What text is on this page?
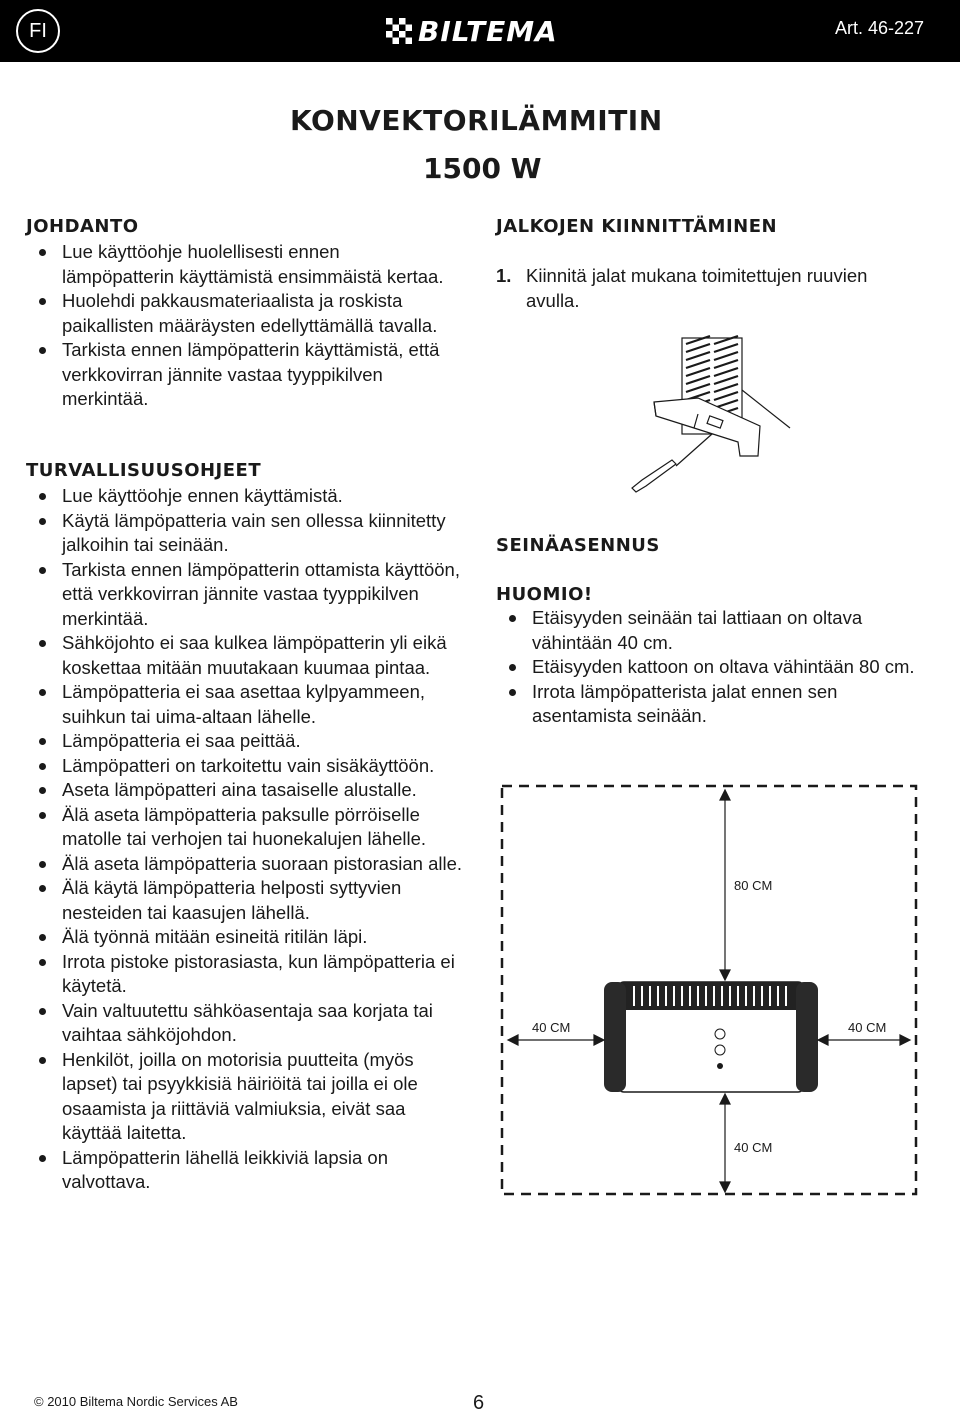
FI	BILTEMA	Art. 46-227
KONVEKTORILÄMMITIN
1500 W
JOHDANTO
Lue käyttöohje huolellisesti ennen lämpöpatterin käyttämistä ensimmäistä kertaa.
Huolehdi pakkausmateriaalista ja roskista paikallisten määräysten edellyttämällä tavalla.
Tarkista ennen lämpöpatterin käyttämistä, että verkkovirran jännite vastaa tyyppikilven merkintää.
TURVALLISUUSOHJEET
Lue käyttöohje ennen käyttämistä.
Käytä lämpöpatteria vain sen ollessa kiinnitetty jalkoihin tai seinään.
Tarkista ennen lämpöpatterin ottamista käyttöön, että verkkovirran jännite vastaa tyyppikilven merkintää.
Sähköjohto ei saa kulkea lämpöpatterin yli eikä koskettaa mitään muutakaan kuumaa pintaa.
Lämpöpatteria ei saa asettaa kylpyammeen, suihkun tai uima-altaan lähelle.
Lämpöpatteria ei saa peittää.
Lämpöpatteri on tarkoitettu vain sisäkäyttöön.
Aseta lämpöpatteri aina tasaiselle alustalle.
Älä aseta lämpöpatteria paksulle pörröiselle matolle tai verhojen tai huonekalujen lähelle.
Älä aseta lämpöpatteria suoraan pistorasian alle.
Älä käytä lämpöpatteria helposti syttyvien nesteiden tai kaasujen lähellä.
Älä työnnä mitään esineitä ritilän läpi.
Irrota pistoke pistorasiasta, kun lämpöpatteria ei käytetä.
Vain valtuutettu sähköasentaja saa korjata tai vaihtaa sähköjohdon.
Henkilöt, joilla on motorisia puutteita (myös lapset) tai psyykkisiä häiriöitä tai joilla ei ole osaamista ja riittäviä valmiuksia, eivät saa käyttää laitetta.
Lämpöpatterin lähellä leikkiviä lapsia on valvottava.
JALKOJEN KIINNITTÄMINEN
1. Kiinnitä jalat mukana toimitettujen ruuvien avulla.
SEINÄASENNUS
HUOMIO!
Etäisyyden seinään tai lattiaan on oltava vähintään 40 cm.
Etäisyyden kattoon on oltava vähintään 80 cm.
Irrota lämpöpatterista jalat ennen sen asentamista seinään.
80 CM
40 CM	40 CM
40 CM
© 2010 Biltema Nordic Services AB	6
